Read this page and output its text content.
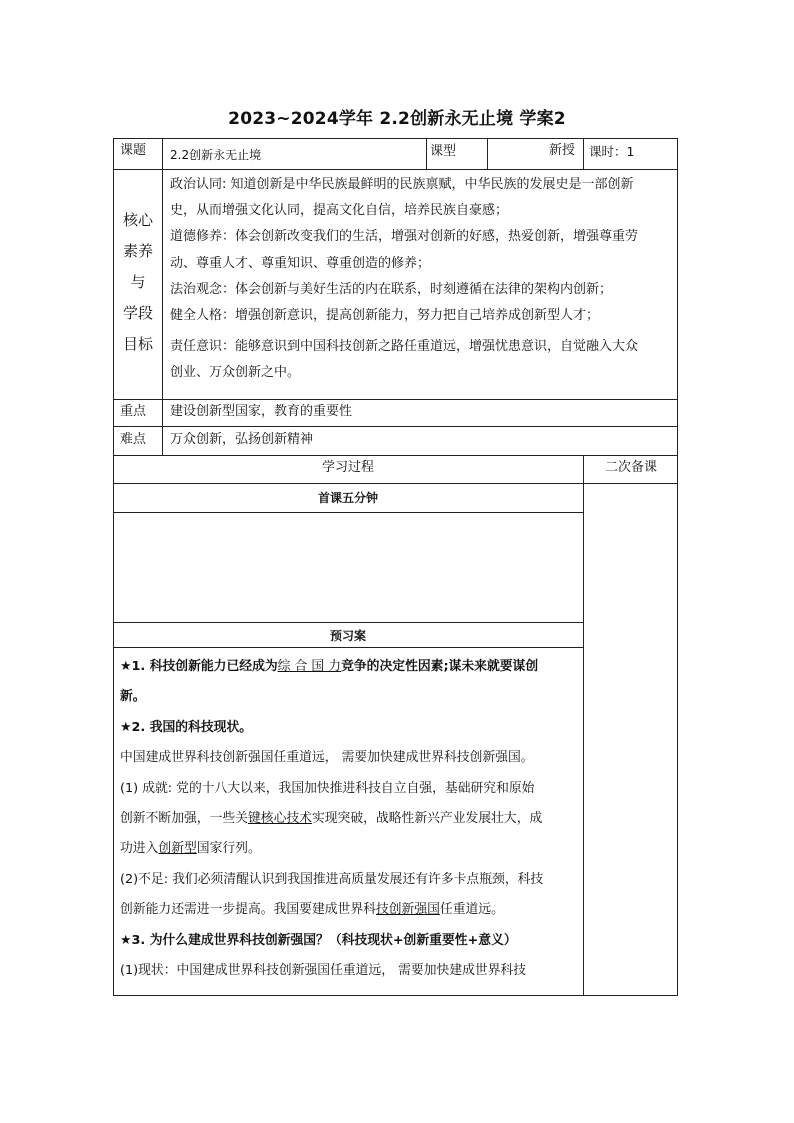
2023~2024学年 2.2创新永无止境 学案2
课题 2.2创新永无止境	课型	新授 课时：1
核心
素养
与
学段
目标

政治认同: 知道创新是中华民族最鲜明的民族禀赋，中华民族的发展史是一部创新

史，从而增强文化认同，提高文化自信，培养民族自豪感；

道德修养：体会创新改变我们的生活，增强对创新的好感，热爱创新，增强尊重劳

动、尊重人才、尊重知识、尊重创造的修养；

法治观念：体会创新与美好生活的内在联系，时刻遵循在法律的架构内创新；

健全人格：增强创新意识，提高创新能力，努力把自己培养成创新型人才；

责任意识：能够意识到中国科技创新之路任重道远，增强忧患意识，自觉融入大众

创业、万众创新之中。

重点 建设创新型国家，教育的重要性
难点 万众创新，弘扬创新精神
学习过程	二次备课
首课五分钟
预习案

★1. 科技创新能力已经成为综 合 国 力竞争的决定性因素;谋未来就要谋创

新。

★2. 我国的科技现状。

中国建成世界科技创新强国任重道远， 需要加快建成世界科技创新强国。

(1) 成就: 党的十八大以来，我国加快推进科技自立自强，基础研究和原始

创新不断加强，一些关键核心技术实现突破，战略性新兴产业发展壮大，成

功进入创新型国家行列。

(2)不足: 我们必须清醒认识到我国推进高质量发展还有许多卡点瓶颈，科技

创新能力还需进一步提高。我国要建成世界科技创新强国任重道远。

★3. 为什么建成世界科技创新强国？（科技现状+创新重要性+意义）

(1)现状：中国建成世界科技创新强国任重道远， 需要加快建成世界科技
